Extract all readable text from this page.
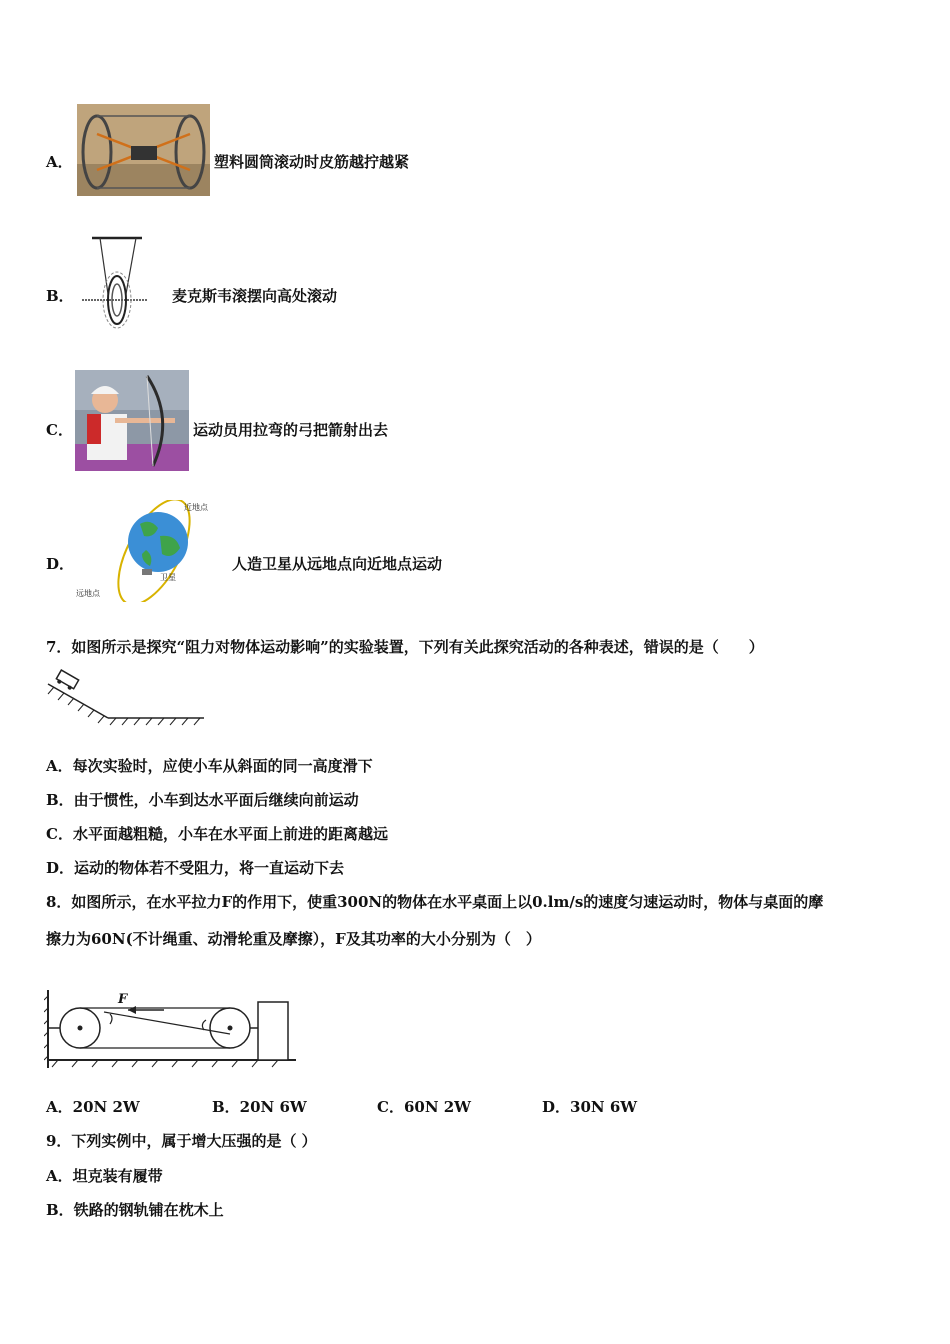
A．	塑料圆筒滚动时皮筋越拧越紧
B．	麦克斯韦滚摆向高处滚动
C．	运动员用拉弯的弓把箭射出去
D．
近地点
远地点
卫星
人造卫星从远地点向近地点运动
7．如图所示是探究“阻力对物体运动影响”的实验装置，下列有关此探究活动的各种表述，错误的是（　　）
A．每次实验时，应使小车从斜面的同一高度滑下
B．由于惯性，小车到达水平面后继续向前运动
C．水平面越粗糙，小车在水平面上前进的距离越远
D．运动的物体若不受阻力，将一直运动下去
8．如图所示，在水平拉力F的作用下，使重300N的物体在水平桌面上以0.lm/s的速度匀速运动时，物体与桌面的摩
擦力为60N(不计绳重、动滑轮重及摩擦），F及其功率的大小分别为（　）
F
A．20N 2W	B．20N 6W	C．60N 2W	D．30N 6W
9．下列实例中，属于增大压强的是（ ）
A．坦克装有履带
B．铁路的钢轨铺在枕木上
